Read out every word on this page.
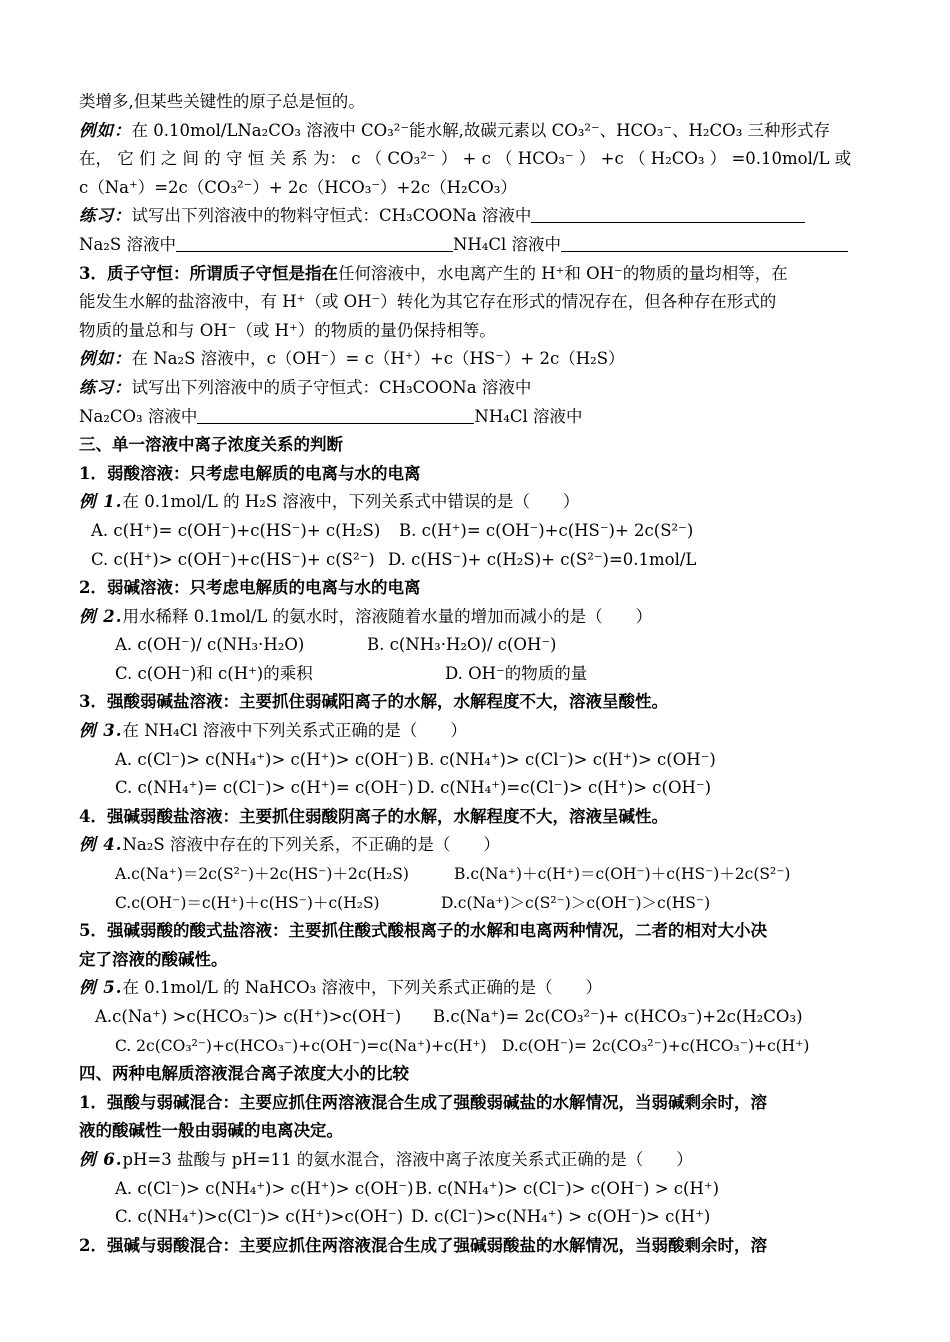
类增多,但某些关键性的原子总是恒的。
例如：在 0.10mol/LNa₂CO₃ 溶液中 CO₃²⁻能水解,故碳元素以 CO₃²⁻、HCO₃⁻、H₂CO₃ 三种形式存
在， 它 们 之 间 的 守 恒 关 系 为： c （ CO₃²⁻ ） + c （ HCO₃⁻ ） +c （ H₂CO₃ ） =0.10mol/L 或
c（Na⁺）=2c（CO₃²⁻）+ 2c（HCO₃⁻）+2c（H₂CO₃）
练习：试写出下列溶液中的物料守恒式：CH₃COONa 溶液中
Na₂S 溶液中	NH₄Cl 溶液中
3．质子守恒：所谓质子守恒是指在任何溶液中，水电离产生的 H⁺和 OH⁻的物质的量均相等，在
能发生水解的盐溶液中，有 H⁺（或 OH⁻）转化为其它存在形式的情况存在，但各种存在形式的
物质的量总和与 OH⁻（或 H⁺）的物质的量仍保持相等。
例如：在 Na₂S 溶液中，c（OH⁻）= c（H⁺）+c（HS⁻）+ 2c（H₂S）
练习：试写出下列溶液中的质子守恒式：CH₃COONa 溶液中
Na₂CO₃ 溶液中	NH₄Cl 溶液中
三、单一溶液中离子浓度关系的判断
1．弱酸溶液：只考虑电解质的电离与水的电离
例 1.在 0.1mol/L 的 H₂S 溶液中，下列关系式中错误的是（　　）
A. c(H⁺)= c(OH⁻)+c(HS⁻)+ c(H₂S) B. c(H⁺)= c(OH⁻)+c(HS⁻)+ 2c(S²⁻)
C. c(H⁺)> c(OH⁻)+c(HS⁻)+ c(S²⁻) D. c(HS⁻)+ c(H₂S)+ c(S²⁻)=0.1mol/L
2．弱碱溶液：只考虑电解质的电离与水的电离
例 2.用水稀释 0.1mol/L 的氨水时，溶液随着水量的增加而减小的是（　　）
A. c(OH⁻)/ c(NH₃·H₂O)	B. c(NH₃·H₂O)/ c(OH⁻)
C. c(OH⁻)和 c(H⁺)的乘积	D. OH⁻的物质的量
3．强酸弱碱盐溶液：主要抓住弱碱阳离子的水解，水解程度不大，溶液呈酸性。
例 3.在 NH₄Cl 溶液中下列关系式正确的是（　　）
A. c(Cl⁻)> c(NH₄⁺)> c(H⁺)> c(OH⁻) B. c(NH₄⁺)> c(Cl⁻)> c(H⁺)> c(OH⁻)
C. c(NH₄⁺)= c(Cl⁻)> c(H⁺)= c(OH⁻) D. c(NH₄⁺)=c(Cl⁻)> c(H⁺)> c(OH⁻)
4．强碱弱酸盐溶液：主要抓住弱酸阴离子的水解，水解程度不大，溶液呈碱性。
例 4.Na₂S 溶液中存在的下列关系，不正确的是（　　）
A.c(Na⁺)＝2c(S²⁻)＋2c(HS⁻)＋2c(H₂S)	B.c(Na⁺)＋c(H⁺)＝c(OH⁻)＋c(HS⁻)＋2c(S²⁻)
C.c(OH⁻)＝c(H⁺)＋c(HS⁻)＋c(H₂S)	D.c(Na⁺)＞c(S²⁻)＞c(OH⁻)＞c(HS⁻)
5．强碱弱酸的酸式盐溶液：主要抓住酸式酸根离子的水解和电离两种情况，二者的相对大小决
定了溶液的酸碱性。
例 5.在 0.1mol/L 的 NaHCO₃ 溶液中，下列关系式正确的是（　　）
A.c(Na⁺) >c(HCO₃⁻)> c(H⁺)>c(OH⁻) B.c(Na⁺)= 2c(CO₃²⁻)+ c(HCO₃⁻)+2c(H₂CO₃)
C. 2c(CO₃²⁻)+c(HCO₃⁻)+c(OH⁻)=c(Na⁺)+c(H⁺) D.c(OH⁻)= 2c(CO₃²⁻)+c(HCO₃⁻)+c(H⁺)
四、两种电解质溶液混合离子浓度大小的比较
1．强酸与弱碱混合：主要应抓住两溶液混合生成了强酸弱碱盐的水解情况，当弱碱剩余时，溶
液的酸碱性一般由弱碱的电离决定。
例 6.pH=3 盐酸与 pH=11 的氨水混合，溶液中离子浓度关系式正确的是（　　）
A. c(Cl⁻)> c(NH₄⁺)> c(H⁺)> c(OH⁻) B. c(NH₄⁺)> c(Cl⁻)> c(OH⁻) > c(H⁺)
C. c(NH₄⁺)>c(Cl⁻)> c(H⁺)>c(OH⁻) D. c(Cl⁻)>c(NH₄⁺) > c(OH⁻)> c(H⁺)
2．强碱与弱酸混合：主要应抓住两溶液混合生成了强碱弱酸盐的水解情况，当弱酸剩余时，溶
